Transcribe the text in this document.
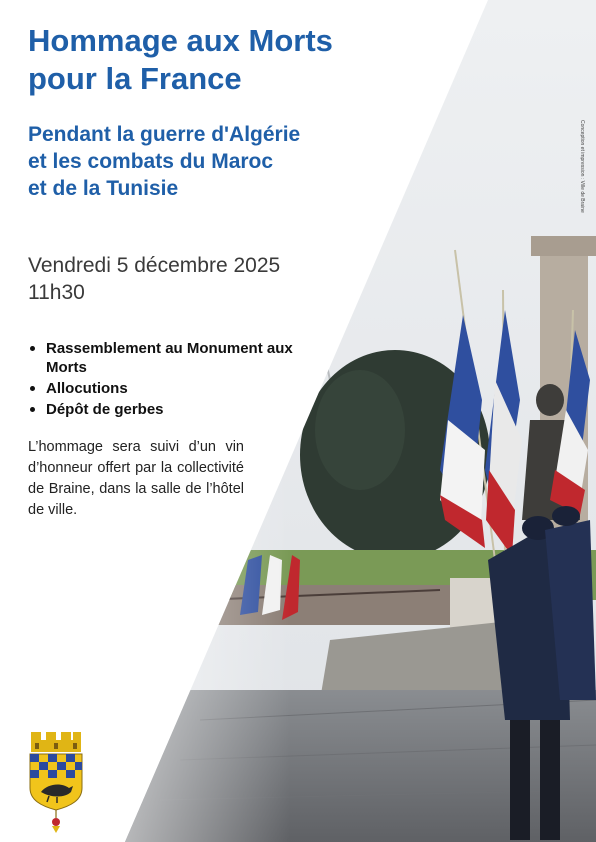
Hommage aux Morts
pour la France
Pendant la guerre d'Algérie
et les combats du Maroc
et de la Tunisie
Vendredi 5 décembre 2025
11h30
Rassemblement au Monument aux Morts
Allocutions
Dépôt de gerbes

L’hommage sera suivi d’un vin d’honneur offert par la collectivité de Braine, dans la salle de l’hôtel de ville.

Conception et impression : Ville de Braine
